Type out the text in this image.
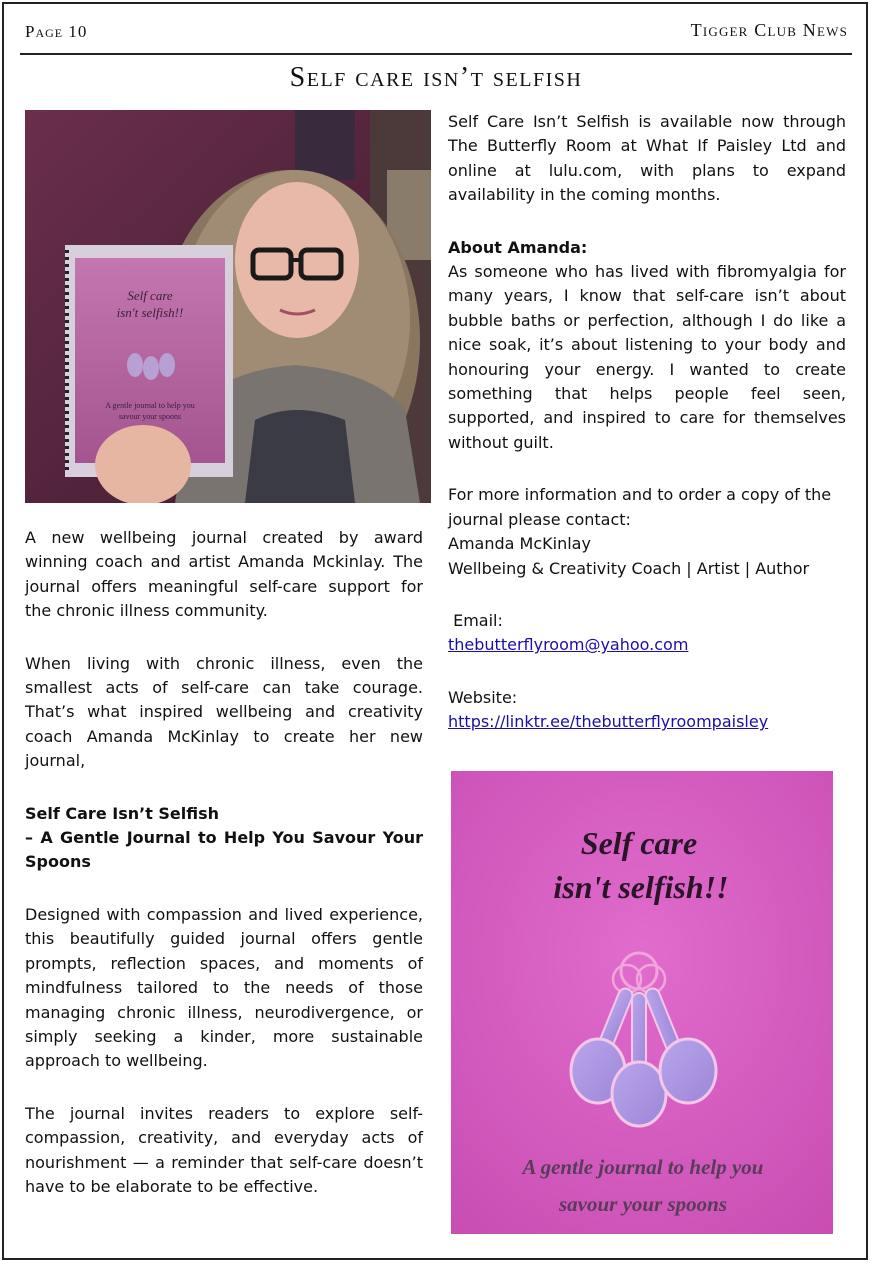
Page 10	Tigger Club News
Self care isn’t selfish
Self care
isn't selfish!!
A gentle journal to help you
savour your spoons

A new wellbeing journal created by award winning coach and artist Amanda Mckinlay. The journal offers meaningful self-care support for the chronic illness community.

When living with chronic illness, even the smallest acts of self-care can take courage. That’s what inspired wellbeing and creativity coach Amanda McKinlay to create her new journal,

Self Care Isn’t Selfish

– A Gentle Journal to Help You Savour Your Spoons

Designed with compassion and lived experience, this beautifully guided journal offers gentle prompts, reflection spaces, and moments of mindfulness tailored to the needs of those managing chronic illness, neurodivergence, or simply seeking a kinder, more sustainable approach to wellbeing.

The journal invites readers to explore self-compassion, creativity, and everyday acts of nourishment — a reminder that self-care doesn’t have to be elaborate to be effective.

Self Care Isn’t Selfish is available now through The Butterfly Room at What If Paisley Ltd and online at lulu.com, with plans to expand availability in the coming months.

About Amanda:

As someone who has lived with fibromyalgia for many years, I know that self-care isn’t about bubble baths or perfection, although I do like a nice soak, it’s about listening to your body and honouring your energy. I wanted to create something that helps people feel seen, supported, and inspired to care for themselves without guilt.

For more information and to order a copy of the journal please contact:

Amanda McKinlay

Wellbeing & Creativity Coach | Artist | Author

Email:

thebutterflyroom@yahoo.com

Website:

https://linktr.ee/thebutterflyroompaisley

Self care
isn't selfish!!
A gentle journal to help you
savour your spoons
